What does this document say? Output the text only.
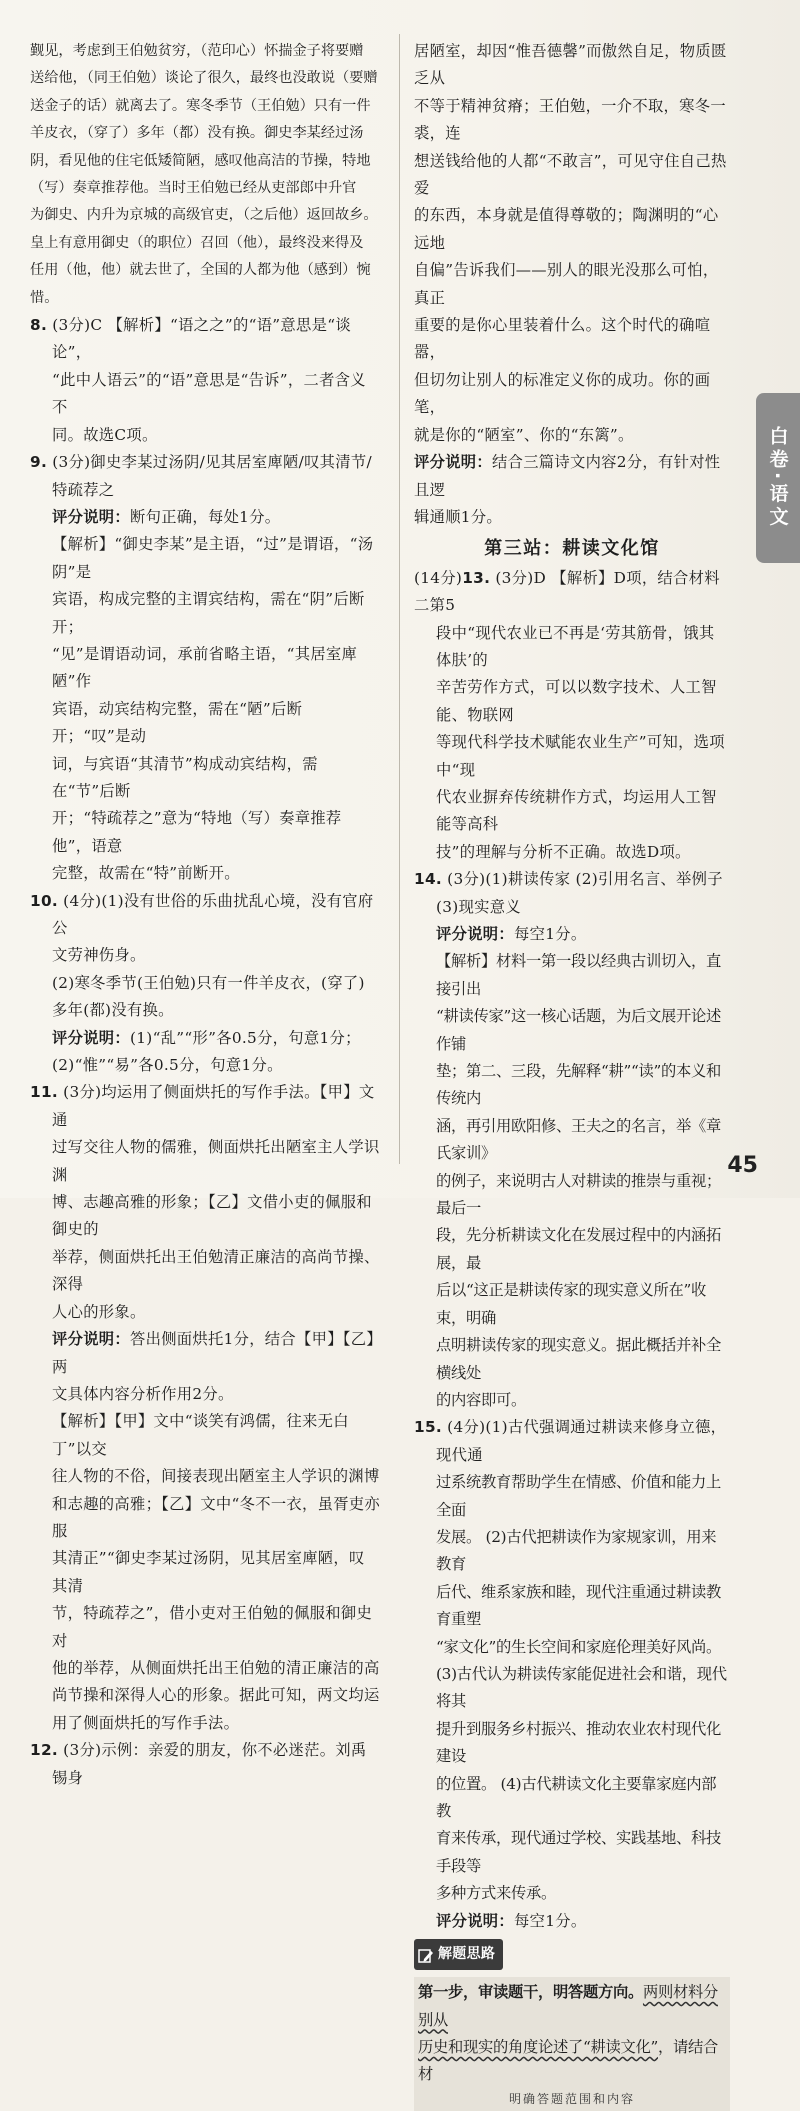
觐见，考虑到王伯勉贫穷，（范印心）怀揣金子将要赠

送给他，（同王伯勉）谈论了很久，最终也没敢说（要赠

送金子的话）就离去了。寒冬季节（王伯勉）只有一件

羊皮衣，（穿了）多年（都）没有换。御史李某经过汤

阴，看见他的住宅低矮简陋，感叹他高洁的节操，特地

（写）奏章推荐他。当时王伯勉已经从吏部郎中升官

为御史、内升为京城的高级官吏，（之后他）返回故乡。

皇上有意用御史（的职位）召回（他），最终没来得及

任用（他，他）就去世了，全国的人都为他（感到）惋惜。

8. (3分)C 【解析】“语之之”的“语”意思是“谈论”，

“此中人语云”的“语”意思是“告诉”，二者含义不

同。故选C项。

9. (3分)御史李某过汤阴/见其居室庳陋/叹其清节/

特疏荐之

评分说明：断句正确，每处1分。

【解析】“御史李某”是主语，“过”是谓语，“汤阴”是

宾语，构成完整的主谓宾结构，需在“阴”后断开；

“见”是谓语动词，承前省略主语，“其居室庳陋”作

宾语，动宾结构完整，需在“陋”后断开；“叹”是动

词，与宾语“其清节”构成动宾结构，需在“节”后断

开；“特疏荐之”意为“特地（写）奏章推荐他”，语意

完整，故需在“特”前断开。

10. (4分)(1)没有世俗的乐曲扰乱心境，没有官府公

文劳神伤身。

(2)寒冬季节(王伯勉)只有一件羊皮衣，(穿了)

多年(都)没有换。

评分说明：(1)“乱”“形”各0.5分，句意1分；

(2)“惟”“易”各0.5分，句意1分。

11. (3分)均运用了侧面烘托的写作手法。【甲】文通

过写交往人物的儒雅，侧面烘托出陋室主人学识渊

博、志趣高雅的形象；【乙】文借小吏的佩服和御史的

举荐，侧面烘托出王伯勉清正廉洁的高尚节操、深得

人心的形象。

评分说明：答出侧面烘托1分，结合【甲】【乙】两

文具体内容分析作用2分。

【解析】【甲】文中“谈笑有鸿儒，往来无白丁”以交

往人物的不俗，间接表现出陋室主人学识的渊博

和志趣的高雅；【乙】文中“冬不一衣，虽胥吏亦服

其清正”“御史李某过汤阴，见其居室庳陋，叹其清

节，特疏荐之”，借小吏对王伯勉的佩服和御史对

他的举荐，从侧面烘托出王伯勉的清正廉洁的高

尚节操和深得人心的形象。据此可知，两文均运

用了侧面烘托的写作手法。

12. (3分)示例：亲爱的朋友，你不必迷茫。刘禹锡身

居陋室，却因“惟吾德馨”而傲然自足，物质匮乏从

不等于精神贫瘠；王伯勉，一介不取，寒冬一裘，连

想送钱给他的人都“不敢言”，可见守住自己热爱

的东西，本身就是值得尊敬的；陶渊明的“心远地

自偏”告诉我们——别人的眼光没那么可怕，真正

重要的是你心里装着什么。这个时代的确喧嚣，

但切勿让别人的标准定义你的成功。你的画笔，

就是你的“陋室”、你的“东篱”。

评分说明：结合三篇诗文内容2分，有针对性且逻

辑通顺1分。

第三站：耕读文化馆

(14分)13. (3分)D 【解析】D项，结合材料二第5

段中“现代农业已不再是‘劳其筋骨，饿其体肤’的

辛苦劳作方式，可以以数字技术、人工智能、物联网

等现代科学技术赋能农业生产”可知，选项中“现

代农业摒弃传统耕作方式，均运用人工智能等高科

技”的理解与分析不正确。故选D项。

14. (3分)(1)耕读传家 (2)引用名言、举例子

(3)现实意义

评分说明：每空1分。

【解析】材料一第一段以经典古训切入，直接引出

“耕读传家”这一核心话题，为后文展开论述作铺

垫；第二、三段，先解释“耕”“读”的本义和传统内

涵，再引用欧阳修、王夫之的名言，举《章氏家训》

的例子，来说明古人对耕读的推崇与重视；最后一

段，先分析耕读文化在发展过程中的内涵拓展，最

后以“这正是耕读传家的现实意义所在”收束，明确

点明耕读传家的现实意义。据此概括并补全横线处

的内容即可。

15. (4分)(1)古代强调通过耕读来修身立德，现代通

过系统教育帮助学生在情感、价值和能力上全面

发展。 (2)古代把耕读作为家规家训，用来教育

后代、维系家族和睦，现代注重通过耕读教育重塑

“家文化”的生长空间和家庭伦理美好风尚。

(3)古代认为耕读传家能促进社会和谐，现代将其

提升到服务乡村振兴、推动农业农村现代化建设

的位置。 (4)古代耕读文化主要靠家庭内部教

育来传承，现代通过学校、实践基地、科技手段等

多种方式来传承。

评分说明：每空1分。

解题思路

第一步，审读题干，明答题方向。两则材料分别从

历史和现实的角度论述了“耕读文化”，请结合材

明确答题范围和内容

白卷·语文
45
